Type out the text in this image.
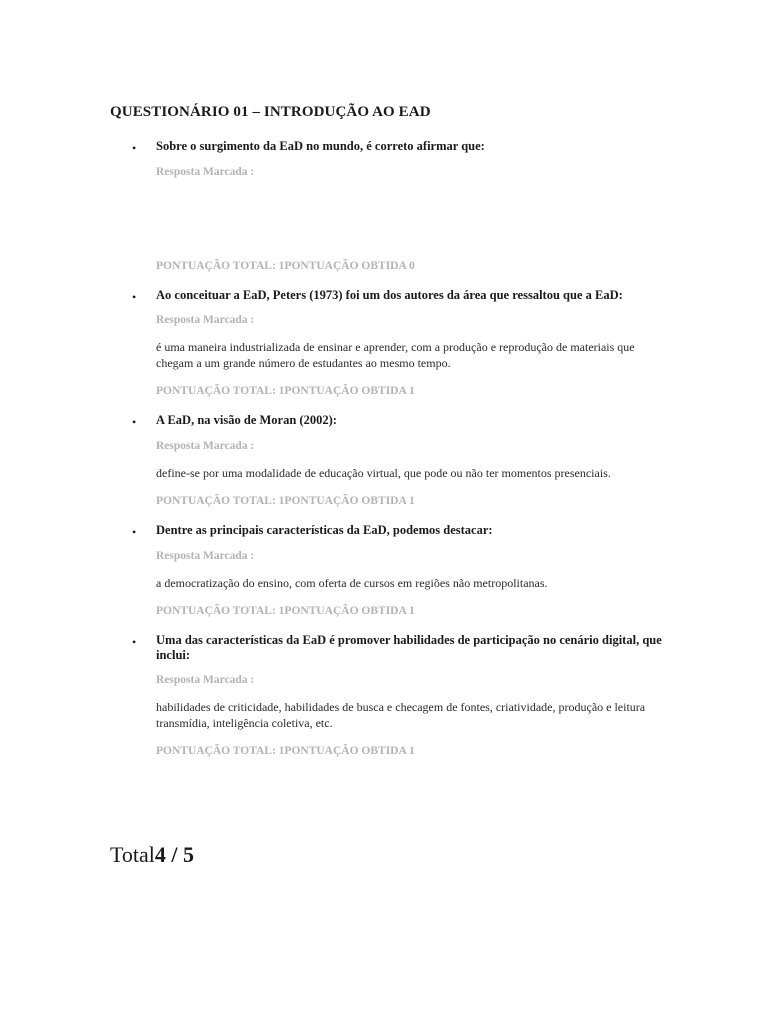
QUESTIONÁRIO 01 – INTRODUÇÃO AO EAD
• Sobre o surgimento da EaD no mundo, é correto afirmar que:

Resposta Marcada :
PONTUAÇÃO TOTAL: 1PONTUAÇÃO OBTIDA 0
• Ao conceituar a EaD, Peters (1973) foi um dos autores da área que ressaltou que a EaD:

Resposta Marcada :
é uma maneira industrializada de ensinar e aprender, com a produção e reprodução de materiais que chegam a um grande número de estudantes ao mesmo tempo.
PONTUAÇÃO TOTAL: 1PONTUAÇÃO OBTIDA 1
• A EaD, na visão de Moran (2002):

Resposta Marcada :
define-se por uma modalidade de educação virtual, que pode ou não ter momentos presenciais.
PONTUAÇÃO TOTAL: 1PONTUAÇÃO OBTIDA 1
• Dentre as principais características da EaD, podemos destacar:

Resposta Marcada :
a democratização do ensino, com oferta de cursos em regiões não metropolitanas.
PONTUAÇÃO TOTAL: 1PONTUAÇÃO OBTIDA 1
• Uma das características da EaD é promover habilidades de participação no cenário digital, que inclui:

Resposta Marcada :
habilidades de criticidade, habilidades de busca e checagem de fontes, criatividade, produção e leitura transmídia, inteligência coletiva, etc.
PONTUAÇÃO TOTAL: 1PONTUAÇÃO OBTIDA 1
Total4 / 5
